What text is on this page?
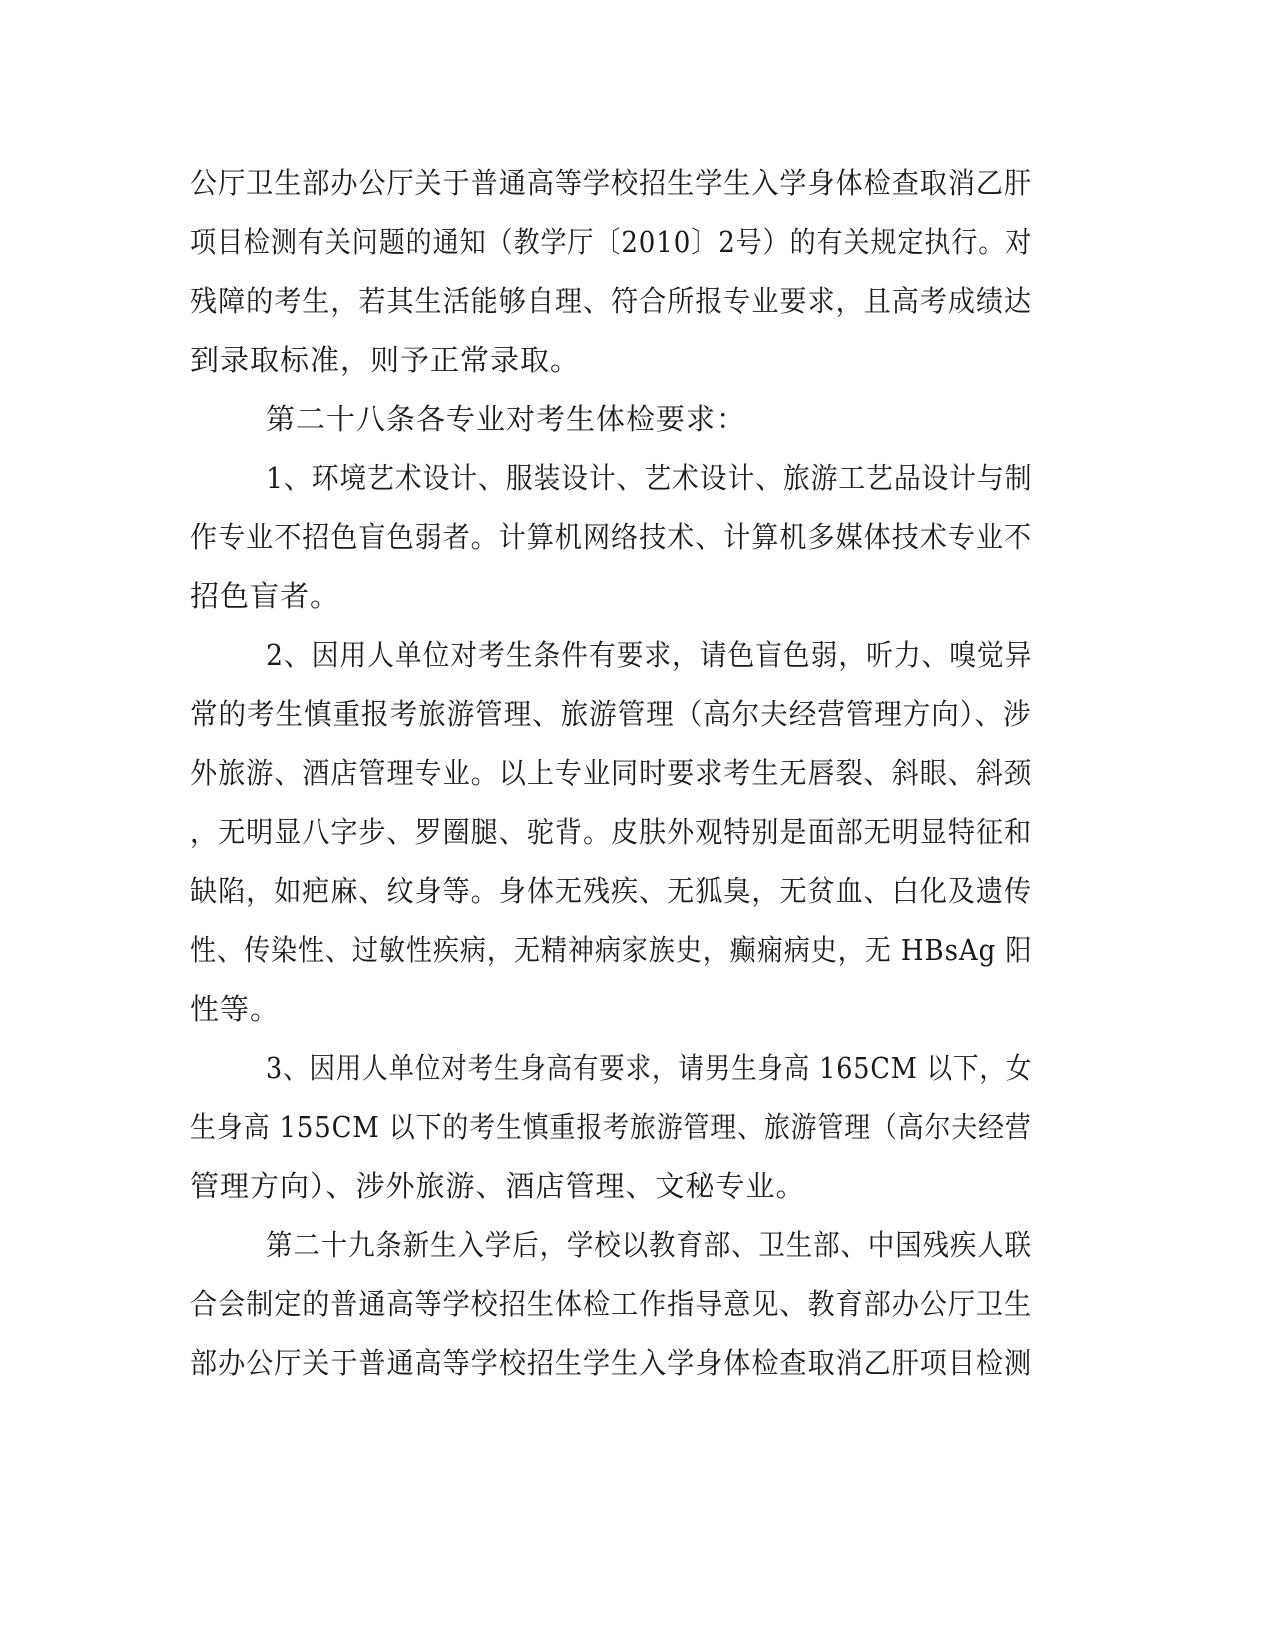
公厅卫生部办公厅关于普通高等学校招生学生入学身体检查取消乙肝
项目检测有关问题的通知（教学厅〔2010〕2号）的有关规定执行。对
残障的考生，若其生活能够自理、符合所报专业要求，且高考成绩达
到录取标准，则予正常录取。
第二十八条各专业对考生体检要求：
1、环境艺术设计、服装设计、艺术设计、旅游工艺品设计与制
作专业不招色盲色弱者。计算机网络技术、计算机多媒体技术专业不
招色盲者。
2、因用人单位对考生条件有要求，请色盲色弱，听力、嗅觉异
常的考生慎重报考旅游管理、旅游管理（高尔夫经营管理方向）、涉
外旅游、酒店管理专业。以上专业同时要求考生无唇裂、斜眼、斜颈
，无明显八字步、罗圈腿、驼背。皮肤外观特别是面部无明显特征和
缺陷，如疤麻、纹身等。身体无残疾、无狐臭，无贫血、白化及遗传
性、传染性、过敏性疾病，无精神病家族史，癫痫病史，无 HBsAg 阳
性等。
3、因用人单位对考生身高有要求，请男生身高 165CM 以下，女
生身高 155CM 以下的考生慎重报考旅游管理、旅游管理（高尔夫经营
管理方向）、涉外旅游、酒店管理、文秘专业。
第二十九条新生入学后，学校以教育部、卫生部、中国残疾人联
合会制定的普通高等学校招生体检工作指导意见、教育部办公厅卫生
部办公厅关于普通高等学校招生学生入学身体检查取消乙肝项目检测
